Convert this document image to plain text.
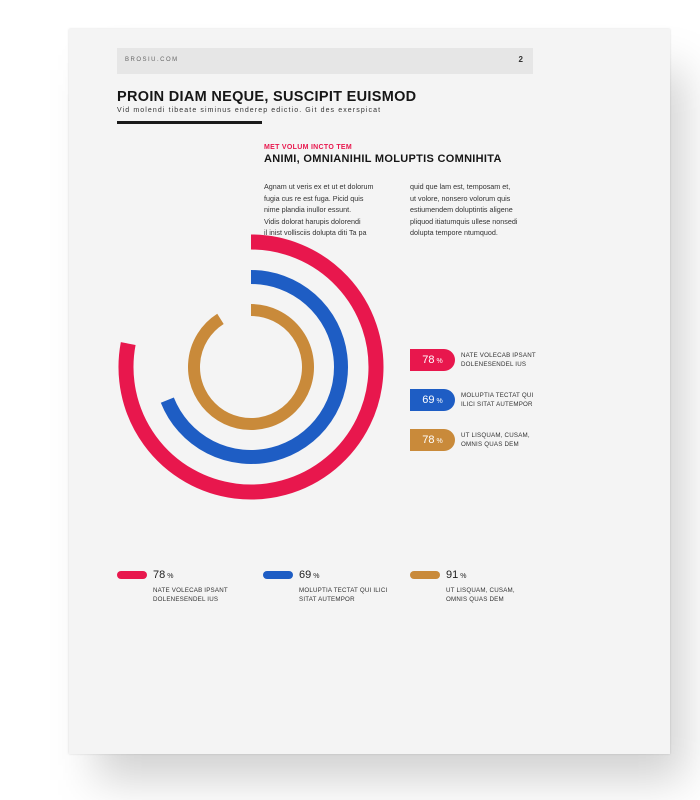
BROSIU.COM	2
PROIN DIAM NEQUE, SUSCIPIT EUISMOD
Vid molendi tibeate siminus enderep edictio. Git des exerspicat
MET VOLUM INCTO TEM
ANIMI, OMNIANIHIL MOLUPTIS COMNIHITA

Agnam ut veris ex et ut et dolorum

fugia cus re est fuga. Picid quis

nime plandia inullor essunt.

Vidis dolorat harupis dolorendi

il inist vollisciis dolupta diti Ta pa

quid que lam est, temposam et,

ut volore, nonsero volorum quis

estiumendem doluptintis aligene

pliquod itiatumquis ullese nonsedi

dolupta tempore ntumquod.

78 %
NATE VOLECAB IPSANT
DOLENESENDEL IUS
69 %
MOLUPTIA TECTAT QUI
ILICI SITAT AUTEMPOR
78 %
UT LISQUAM, CUSAM,
OMNIS QUAS DEM
78 %
NATE VOLECAB IPSANT
DOLENESENDEL IUS
69 %
MOLUPTIA TECTAT QUI ILICI
SITAT AUTEMPOR
91 %
UT LISQUAM, CUSAM,
OMNIS QUAS DEM
